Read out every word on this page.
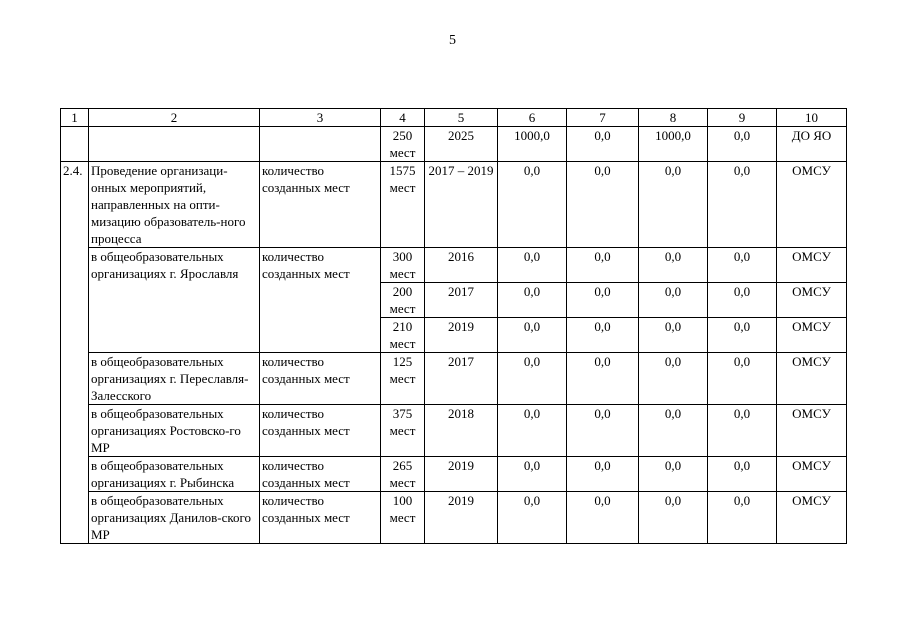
5
1	2	3	4	5	6	7	8	9	10
			250 мест	2025	1000,0	0,0	1000,0	0,0	ДО ЯО
2.4.	Проведение организаци-онных мероприятий, направленных на опти-мизацию образователь-ного процесса	количество созданных мест	1575 мест	2017 – 2019	0,0	0,0	0,0	0,0	ОМСУ
	в общеобразовательных организациях г. Ярославля	количество созданных мест	300 мест	2016	0,0	0,0	0,0	0,0	ОМСУ
			200 мест	2017	0,0	0,0	0,0	0,0	ОМСУ
			210 мест	2019	0,0	0,0	0,0	0,0	ОМСУ
	в общеобразовательных организациях г. Переславля-Залесского	количество созданных мест	125 мест	2017	0,0	0,0	0,0	0,0	ОМСУ
	в общеобразовательных организациях Ростовско-го МР	количество созданных мест	375 мест	2018	0,0	0,0	0,0	0,0	ОМСУ
	в общеобразовательных организациях г. Рыбинска	количество созданных мест	265 мест	2019	0,0	0,0	0,0	0,0	ОМСУ
	в общеобразовательных организациях Данилов-ского МР	количество созданных мест	100 мест	2019	0,0	0,0	0,0	0,0	ОМСУ
